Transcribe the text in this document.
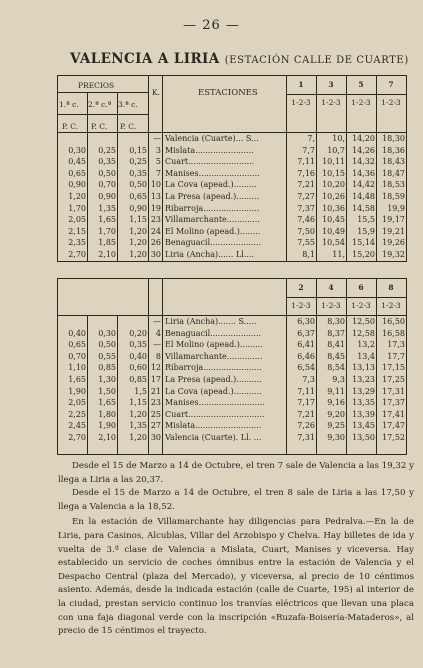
— 26 —
VALENCIA A LIRIA (ESTACIÓN CALLE DE CUARTE)
PRECIOS
1.ª c. 2.ª c.ª 3.ª c.
P. C. P. C. P. C.
K.	ESTACIONES
1	3	5	7
1-2-3	1-2-3	1-2-3	1-2-3
— Valencia (Cuarte)... S...	7,	10, 14,20 18,30
0,30	0,25	0,15	3 Mislata.......................	7,7	10,7 14,26 18,36
0,45	0,35	0,25	5 Cuart..........................	7,11 10,11 14,32 18,43
0,65	0,50	0,35	7 Manises........................	7,16 10,15 14,36 18,47
0,90	0,70	0,50 10 La Cova (apead.).........	7,21 10,20 14,42 18,53
1,20	0,90	0,65 13 La Presa (apead.).........	7,27 10,26 14,48 18,59
1,70	1,35	0,90 19 Ribarroja......................	7,37 10,36 14,58	19,9
2,05	1,65	1,15 23 Villamarchante.............	7,46 10,45	15,5 19,17
2,15	1,70	1,20 24 El Molino (apead.)........	7,50 10,49	15,9 19,21
2,35	1,85	1,20 26 Benaguacil....................	7,55 10,54 15,14 19,26
2,70	2,10	1,20 30 Liria (Ancha)...... Ll....	8,1	11, 15,20 19,32
2	4	6	8
1-2-3	1-2-3	1-2-3	1-2-3
— Liria (Ancha)....... S.....	6,30	8,30 12,50 16,50
0,40	0,30	0,20	4 Benaguacil....................	6,37	8,37 12,58 16,58
0,65	0,50	0,35 — El Molino (apead.).........	6,41	8,41	13,2	17,3
0,70	0,55	0,40	8 Villamarchante..............	6,46	8,45	13,4	17,7
1,10	0,85	0,60 12 Ribarroja.......................	6,54	8,54 13,13 17,15
1,65	1,30	0,85 17 La Presa (apead.)..........	7,3	9,3 13,23 17,25
1,90	1,50	1,5 21 La Cova (apead.)...........	7,11	9,11 13,29 17,31
2,05	1,65	1,15 23 Manises..........................	7,17	9,16 13,35 17,37
2,25	1,80	1,20 25 Cuart..............................	7,21	9,20 13,39 17,41
2,45	1,90	1,35 27 Mislata..........................	7,26	9,25 13,45 17,47
2,70	2,10	1,20 30 Valencia (Cuarte). Ll. ...	7,31	9,30 13,50 17,52

Desde el 15 de Marzo a 14 de Octubre, el tren 7 sale de Valencia a las 19,32 y llega a Liria a las 20,37.

Desde el 15 de Marzo a 14 de Octubre, el tren 8 sale de Liria a las 17,50 y llega a Valencia a la 18,52.

En la estación de Villamarchante hay diligencias para Pedralva.—En la de Liria, para Casinos, Alcublas, Villar del Arzobispo y Chelva. Hay billetes de ida y vuelta de 3.ª clase de Valencia a Mislata, Cuart, Manises y viceversa. Hay establecido un servicio de coches ómnibus entre la estación de Valencia y el Despacho Central (plaza del Mercado), y viceversa, al precio de 10 céntimos asiento. Además, desde la indicada estación (calle de Cuarte, 195) al interior de la ciudad, prestan servicio continuo los tranvías eléctricos que llevan una placa con una faja diagonal verde con la inscripción «Ruzafa-Boisería-Mataderos», al precio de 15 céntimos el trayecto.
